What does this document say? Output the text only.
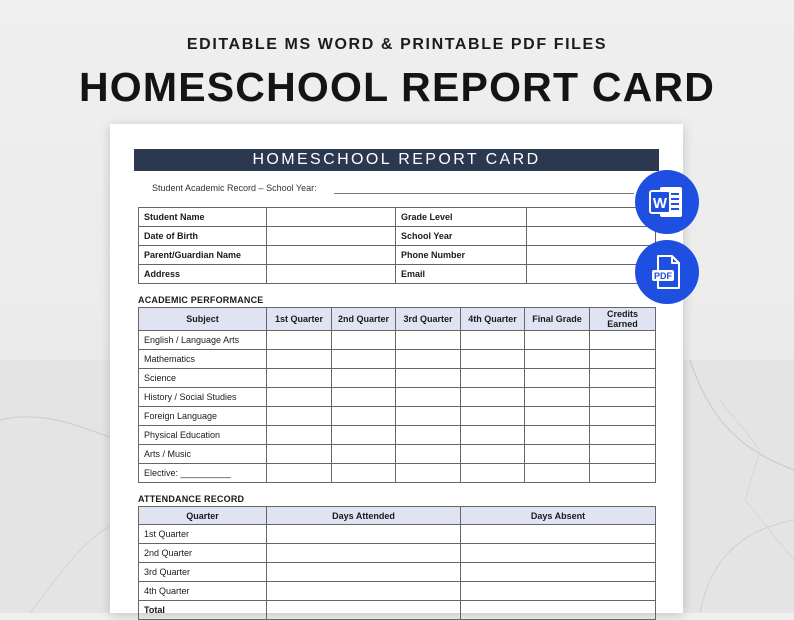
EDITABLE MS WORD & PRINTABLE PDF FILES
HOMESCHOOL REPORT CARD
HOMESCHOOL REPORT CARD
Student Academic Record – School Year:
Student Name		Grade Level	
Date of Birth		School Year	
Parent/Guardian Name		Phone Number	
Address		Email	
ACADEMIC PERFORMANCE
Subject	1st Quarter	2nd Quarter	3rd Quarter	4th Quarter	Final Grade	Credits Earned
English / Language Arts						
Mathematics						
Science						
History / Social Studies						
Foreign Language						
Physical Education						
Arts / Music						
Elective: __________						
ATTENDANCE RECORD
Quarter	Days Attended	Days Absent
1st Quarter		
2nd Quarter		
3rd Quarter		
4th Quarter		
Total		
W
PDF
